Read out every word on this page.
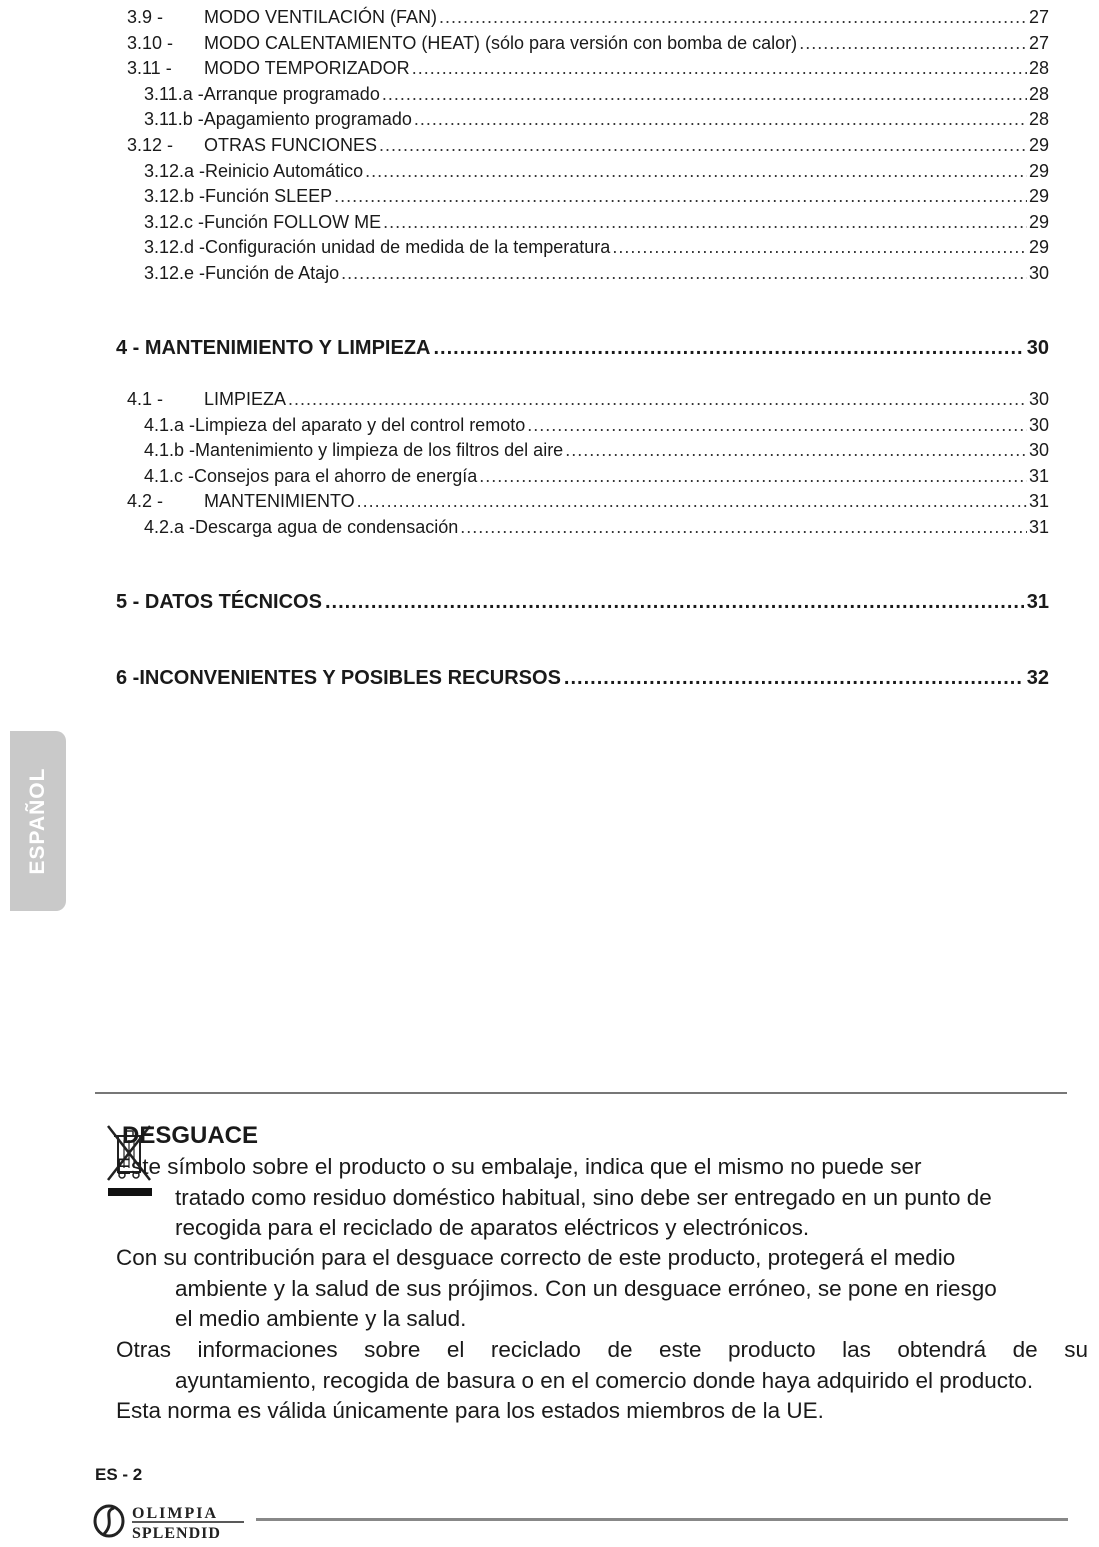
3.9 -	MODO VENTILACIÓN (FAN) .....	27
3.10 -	MODO CALENTAMIENTO (HEAT) (sólo para versión con bomba de calor) .....	27
3.11 -	MODO TEMPORIZADOR .....	28
3.11.a - Arranque programado .....	28
3.11.b - Apagamiento programado .....	28
3.12 -	OTRAS FUNCIONES .....	29
3.12.a - Reinicio Automático .....	29
3.12.b - Función SLEEP .....	29
3.12.c - Función FOLLOW ME .....	29
3.12.d - Configuración unidad de medida de la temperatura .....	29
3.12.e - Función de Atajo .....	30
4 - MANTENIMIENTO Y LIMPIEZA .....	30
4.1 -	LIMPIEZA .....	30
4.1.a - Limpieza del aparato y del control remoto .....	30
4.1.b - Mantenimiento y limpieza de los filtros del aire .....	30
4.1.c - Consejos para el ahorro de energía .....	31
4.2 -	MANTENIMIENTO .....	31
4.2.a - Descarga agua de condensación .....	31
5 - DATOS TÉCNICOS .....	31
6 -INCONVENIENTES Y POSIBLES RECURSOS .....	32
ESPAÑOL
DESGUACE
Este símbolo sobre el producto o su embalaje, indica que el mismo no puede ser
tratado como residuo doméstico habitual, sino debe ser entregado en un punto de
recogida para el reciclado de aparatos eléctricos y electrónicos.
Con su contribución para el desguace correcto de este producto, protegerá el medio
ambiente y la salud de sus prójimos. Con un desguace erróneo, se pone en riesgo
el medio ambiente y la salud.
Otras informaciones sobre el reciclado de este producto las obtendrá de su
ayuntamiento, recogida de basura o en el comercio donde haya adquirido el producto.
Esta norma es válida únicamente para los estados miembros de la UE.
ES - 2
OLIMPIA
SPLENDID
